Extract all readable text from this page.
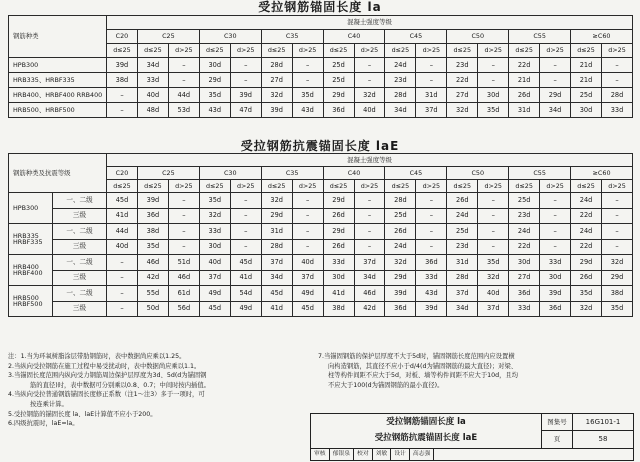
受拉钢筋锚固长度 la
钢筋种类	混凝土强度等级																
	C20	C25		C30		C35		C40		C45		C50		C55		≥C60	
	d≤25	d≤25	d>25	d≤25	d>25	d≤25	d>25	d≤25	d>25	d≤25	d>25	d≤25	d>25	d≤25	d>25	d≤25	d>25
HPB300	39d	34d	–	30d	–	28d	–	25d	–	24d	–	23d	–	22d	–	21d	–
HRB335、HRBF335	38d	33d	–	29d	–	27d	–	25d	–	23d	–	22d	–	21d	–	21d	–
HRB400、HRBF400 RRB400	–	40d	44d	35d	39d	32d	35d	29d	32d	28d	31d	27d	30d	26d	29d	25d	28d
HRB500、HRBF500	–	48d	53d	43d	47d	39d	43d	36d	40d	34d	37d	32d	35d	31d	34d	30d	33d
受拉钢筋抗震锚固长度 laE
钢筋种类及抗震等级		混凝土强度等级																
		C20	C25		C30		C35		C40		C45		C50		C55		≥C60	
		d≤25	d≤25	d>25	d≤25	d>25	d≤25	d>25	d≤25	d>25	d≤25	d>25	d≤25	d>25	d≤25	d>25	d≤25	d>25
HPB300	一、二级	45d	39d	–	35d	–	32d	–	29d	–	28d	–	26d	–	25d	–	24d	–
	三级	41d	36d	–	32d	–	29d	–	26d	–	25d	–	24d	–	23d	–	22d	–
HRB335 HRBF335	一、二级	44d	38d	–	33d	–	31d	–	29d	–	26d	–	25d	–	24d	–	24d	–
	三级	40d	35d	–	30d	–	28d	–	26d	–	24d	–	23d	–	22d	–	22d	–
HRB400 HRBF400	一、二级	–	46d	51d	40d	45d	37d	40d	33d	37d	32d	36d	31d	35d	30d	33d	29d	32d
	三级	–	42d	46d	37d	41d	34d	37d	30d	34d	29d	33d	28d	32d	27d	30d	26d	29d
HRB500 HRBF500	一、二级	–	55d	61d	49d	54d	45d	49d	41d	46d	39d	43d	37d	40d	36d	39d	35d	38d
	三级	–	50d	56d	45d	49d	41d	45d	38d	42d	36d	39d	34d	37d	33d	36d	32d	35d
注：1.当为环氧树脂涂层带肋钢筋时，表中数据尚应乘以1.25。
2.当纵向受拉钢筋在施工过程中易受扰动时，表中数据尚应乘以1.1。
3.当锚固长度范围内纵向受力钢筋周边保护层厚度为3d、5d(d为锚固钢
筋的直径)时，表中数据可分别乘以0.8、0.7；中间时按内插值。
4.当纵向受拉普通钢筋锚固长度修正系数（注1～注3）多于一项时，可
按连乘计算。
5.受拉钢筋的锚固长度 la、laE计算值不应小于200。
6.四级抗震时，laE=la。
7.当锚固钢筋的保护层厚度不大于5d时，锚固钢筋长度范围内应设置横
向构造钢筋，其直径不应小于d/4(d为锚固钢筋的最大直径)；对梁、
柱等构件间距不应大于5d，对板、墙等构件间距不应大于10d，且均
不应大于100(d为锚固钢筋的最小直径)。
受拉钢筋锚固长度 la
受拉钢筋抗震锚固长度 laE
图集号	16G101-1
页	58
审核 郁银泉 校对 刘敏 设计 高志强
